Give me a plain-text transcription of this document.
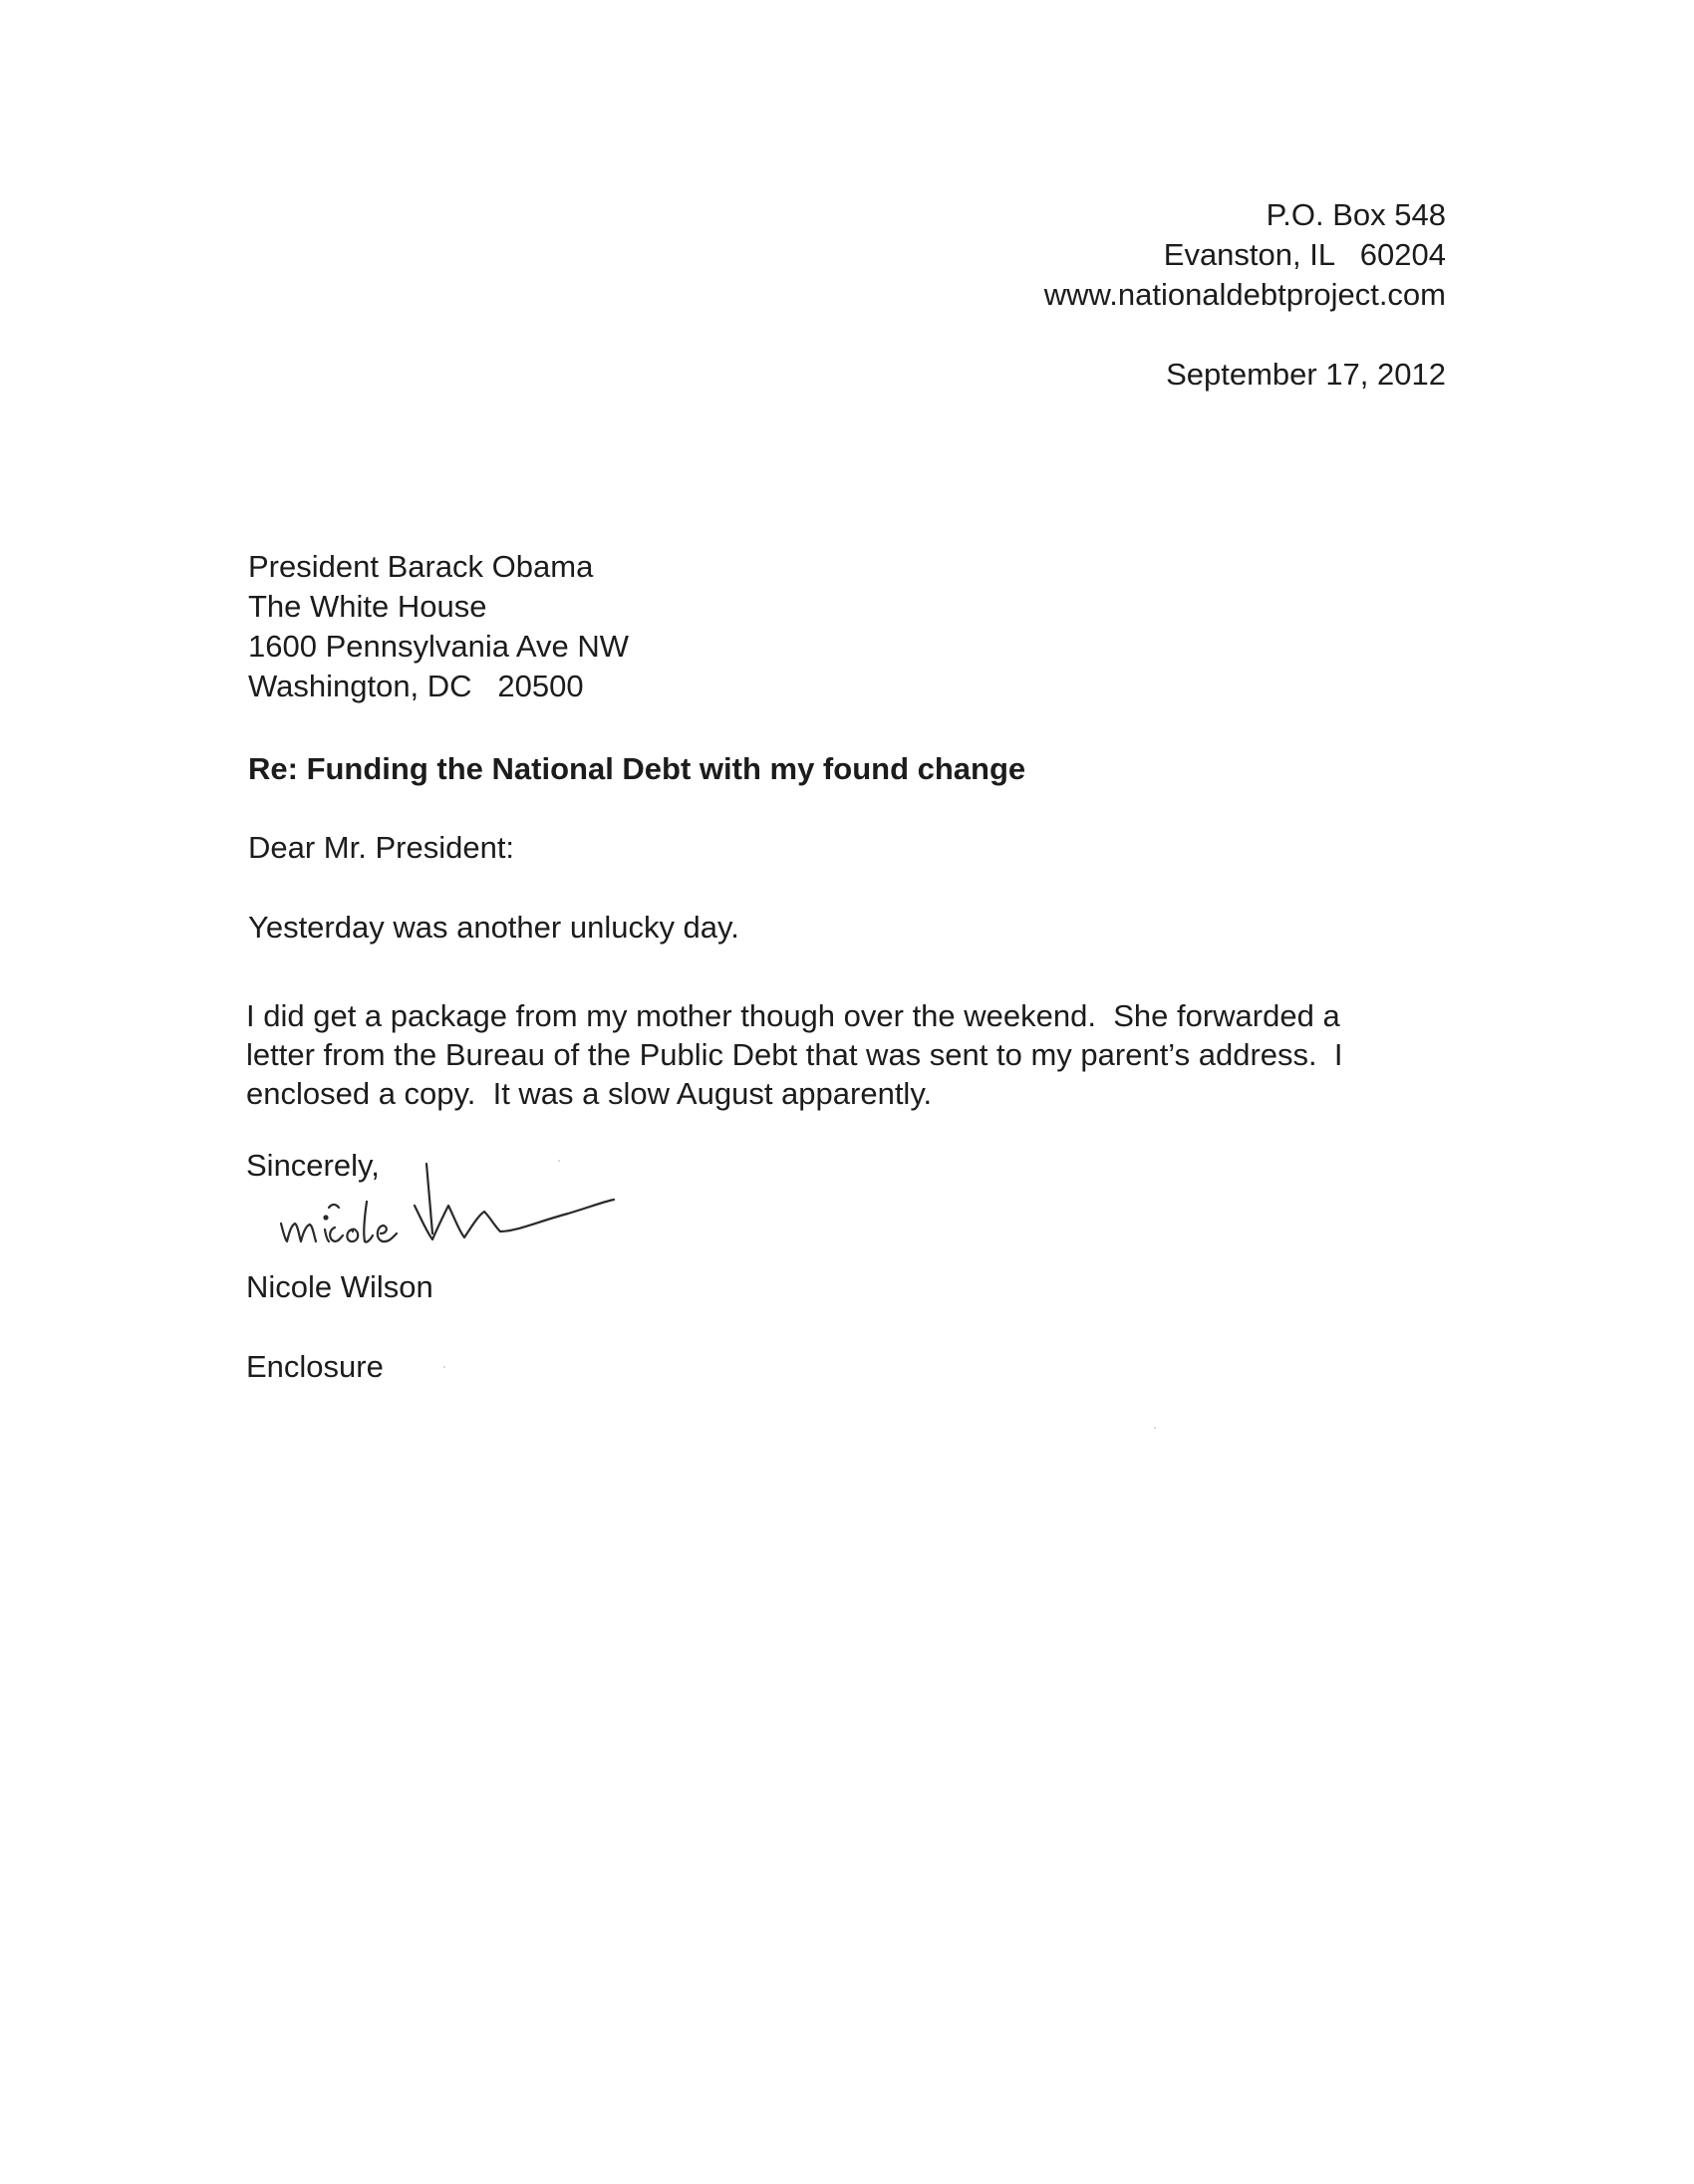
P.O. Box 548
Evanston, IL   60204
www.nationaldebtproject.com
September 17, 2012
President Barack Obama
The White House
1600 Pennsylvania Ave NW
Washington, DC   20500
Re: Funding the National Debt with my found change
Dear Mr. President:
Yesterday was another unlucky day.
I did get a package from my mother though over the weekend.  She forwarded a
letter from the Bureau of the Public Debt that was sent to my parent’s address.  I
enclosed a copy.  It was a slow August apparently.
Sincerely,
Nicole Wilson
Enclosure
